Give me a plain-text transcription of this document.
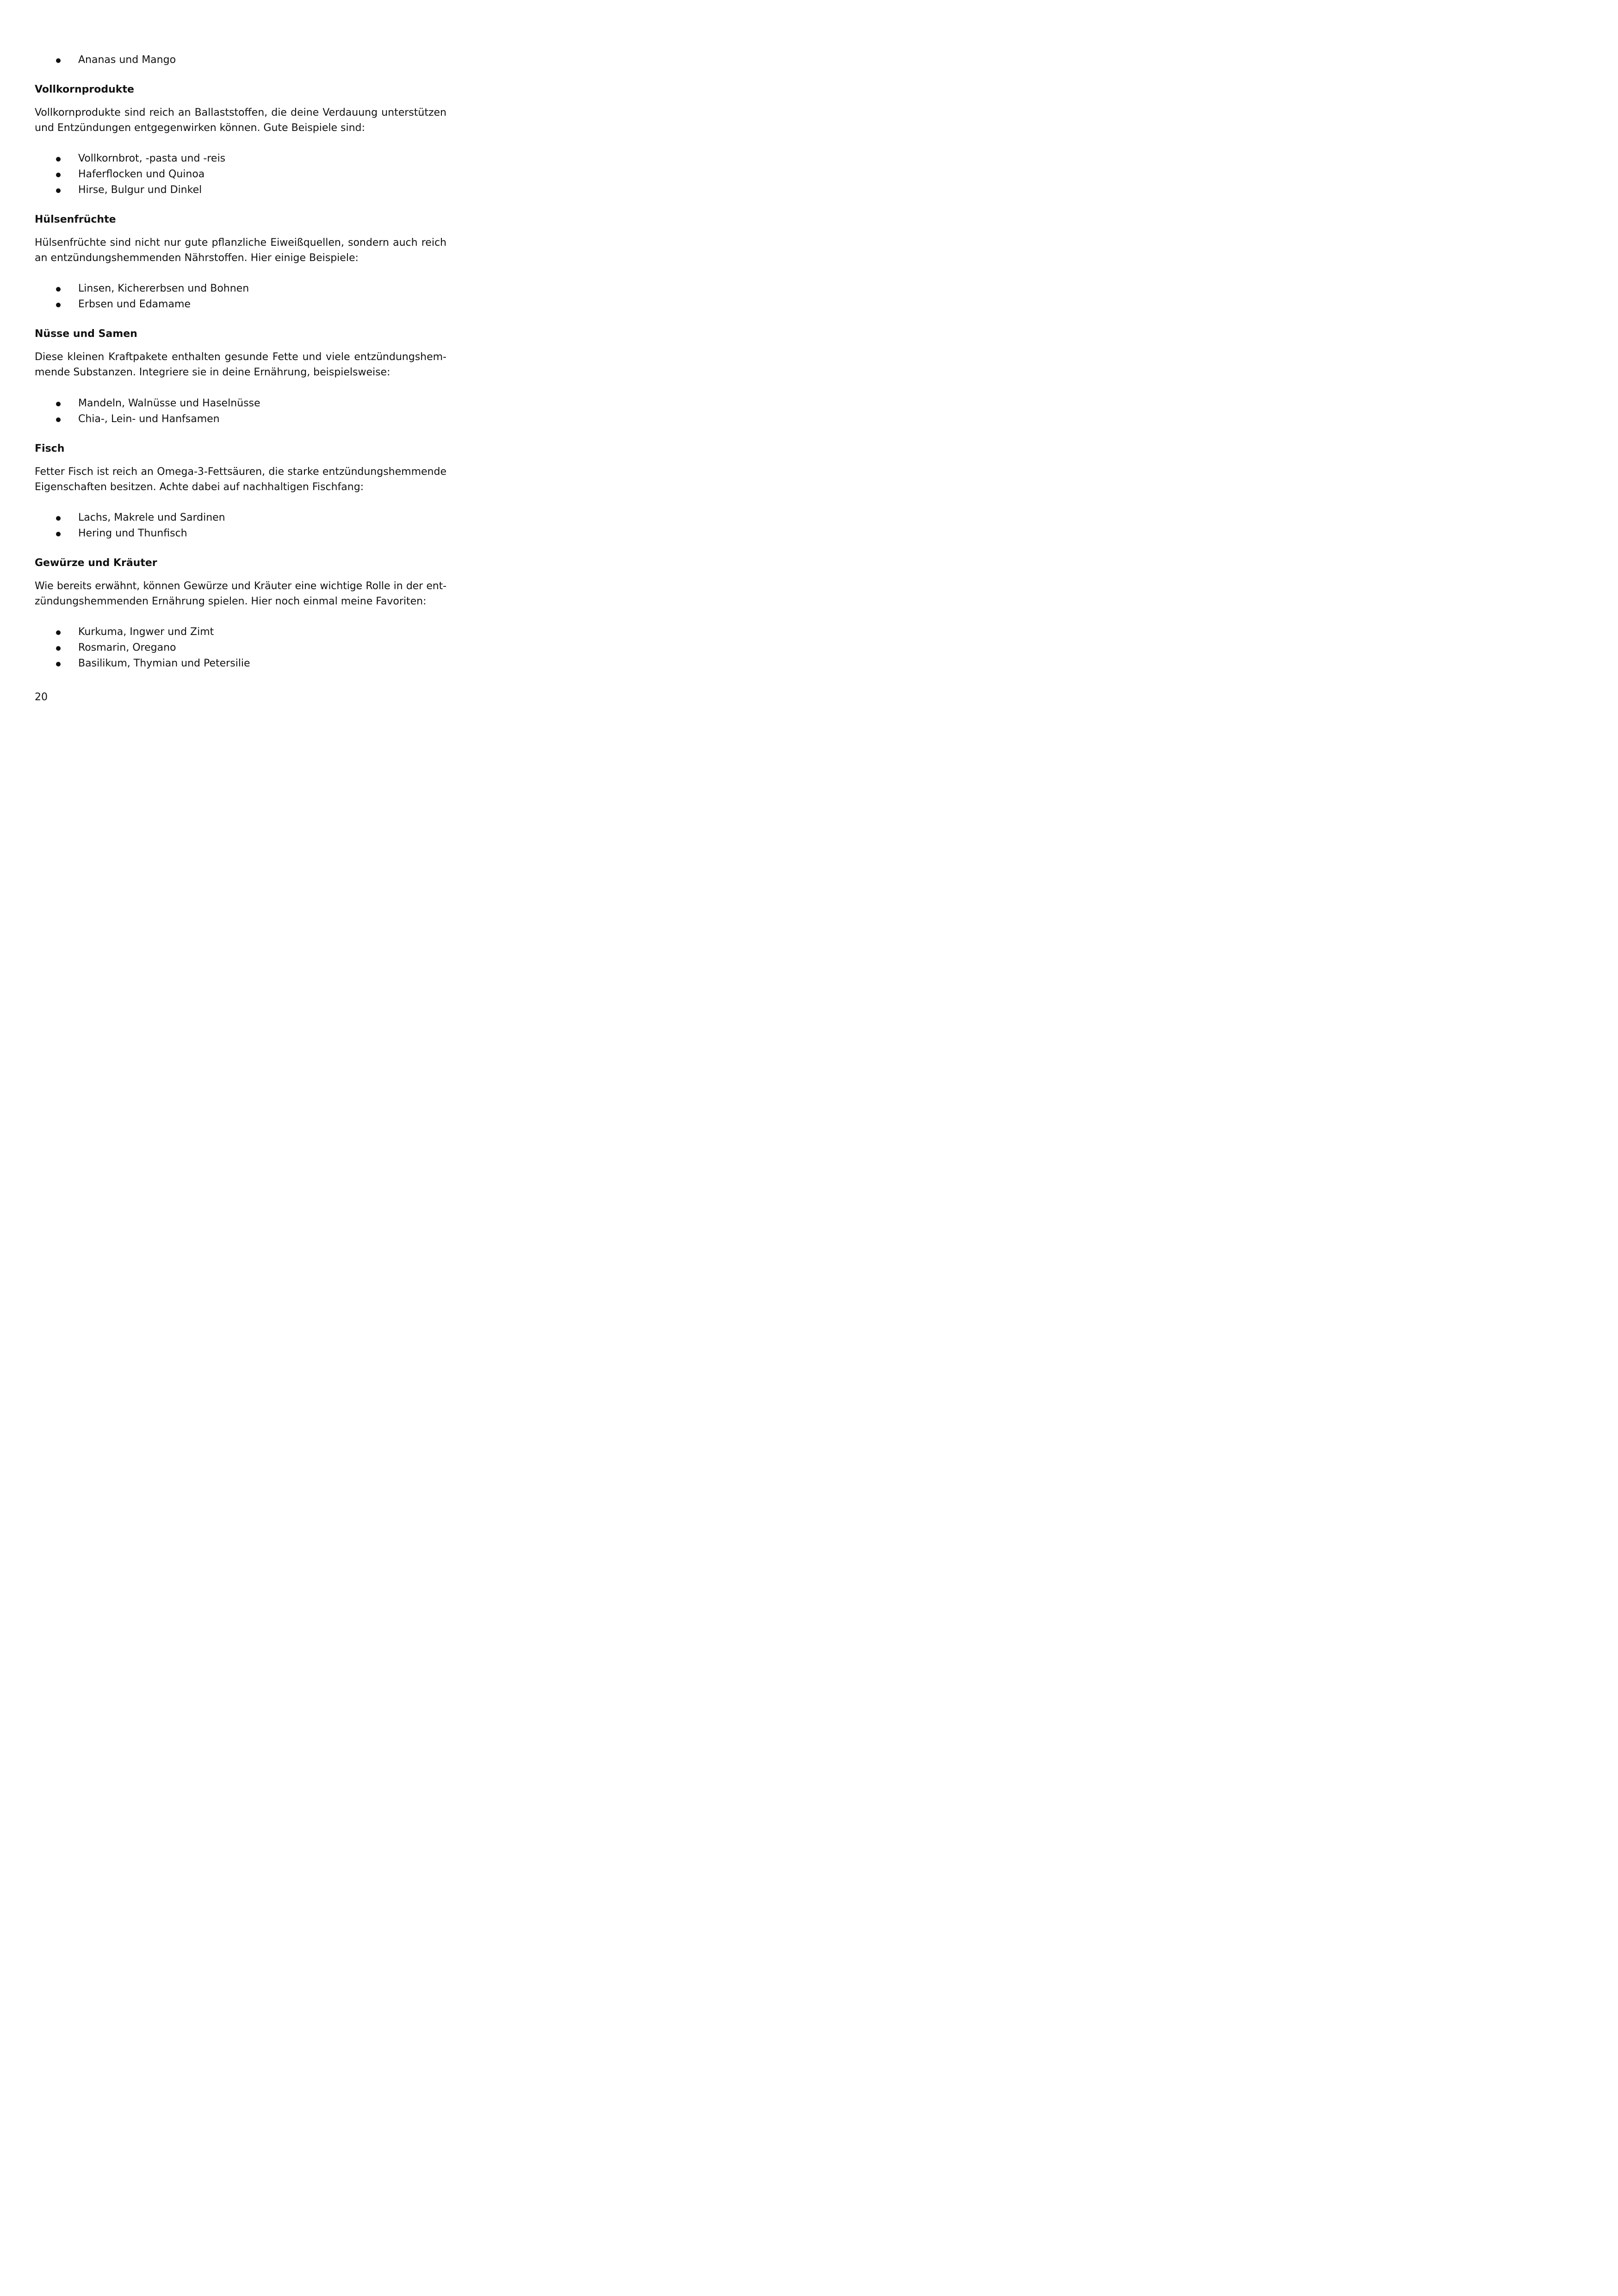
Ananas und Mango
Vollkornprodukte

Vollkornprodukte sind reich an Ballaststoffen, die deine Verdauung unterstützen
und Entzündungen entgegenwirken können. Gute Beispiele sind:

Vollkornbrot, -pasta und -reis
Haferflocken und Quinoa
Hirse, Bulgur und Dinkel
Hülsenfrüchte

Hülsenfrüchte sind nicht nur gute pflanzliche Eiweißquellen, sondern auch reich
an entzündungshemmenden Nährstoffen. Hier einige Beispiele:

Linsen, Kichererbsen und Bohnen
Erbsen und Edamame
Nüsse und Samen

Diese kleinen Kraftpakete enthalten gesunde Fette und viele entzündungshem-
mende Substanzen. Integriere sie in deine Ernährung, beispielsweise:

Mandeln, Walnüsse und Haselnüsse
Chia-, Lein- und Hanfsamen
Fisch

Fetter Fisch ist reich an Omega-3-Fettsäuren, die starke entzündungshemmende
Eigenschaften besitzen. Achte dabei auf nachhaltigen Fischfang:

Lachs, Makrele und Sardinen
Hering und Thunfisch
Gewürze und Kräuter

Wie bereits erwähnt, können Gewürze und Kräuter eine wichtige Rolle in der ent-
zündungshemmenden Ernährung spielen. Hier noch einmal meine Favoriten:

Kurkuma, Ingwer und Zimt
Rosmarin, Oregano
Basilikum, Thymian und Petersilie
20
